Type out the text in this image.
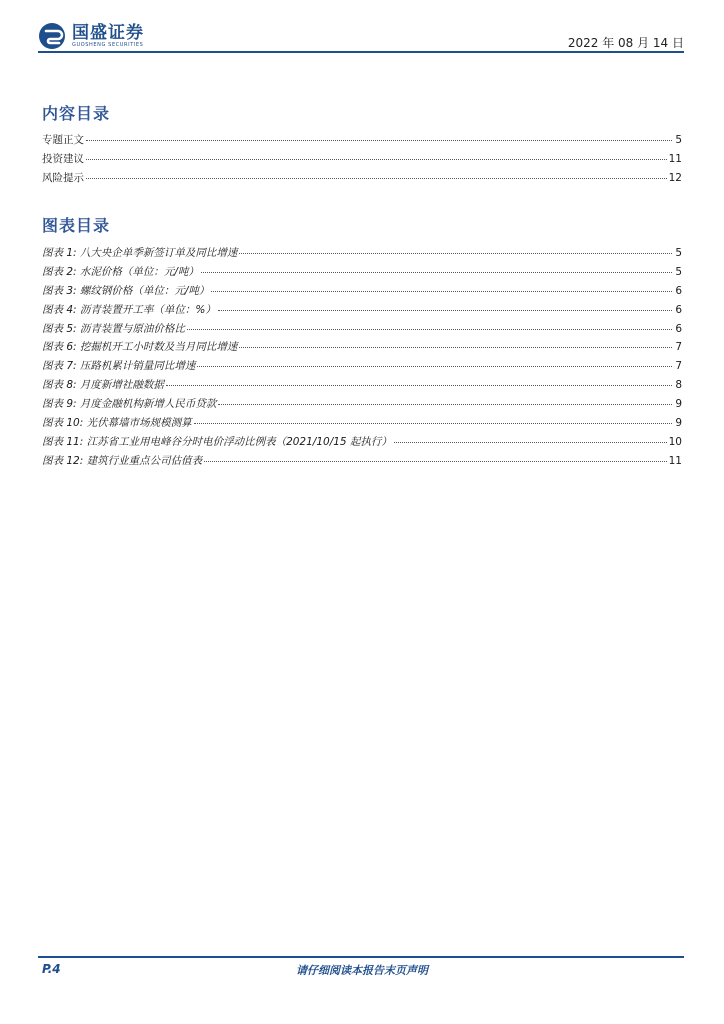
国盛证券
GUOSHENG SECURITIES	2022 年 08 月 14 日
内容目录
专题正文	5
投资建议	11
风险提示	12
图表目录
图表 1: 八大央企单季新签订单及同比增速	5
图表 2: 水泥价格（单位：元/吨）	5
图表 3: 螺纹钢价格（单位：元/吨）	6
图表 4: 沥青装置开工率（单位：%）	6
图表 5: 沥青装置与原油价格比	6
图表 6: 挖掘机开工小时数及当月同比增速	7
图表 7: 压路机累计销量同比增速	7
图表 8: 月度新增社融数据	8
图表 9: 月度金融机构新增人民币贷款	9
图表 10: 光伏幕墙市场规模测算	9
图表 11: 江苏省工业用电峰谷分时电价浮动比例表（2021/10/15 起执行）	10
图表 12: 建筑行业重点公司估值表	11
请仔细阅读本报告末页声明
P.4
